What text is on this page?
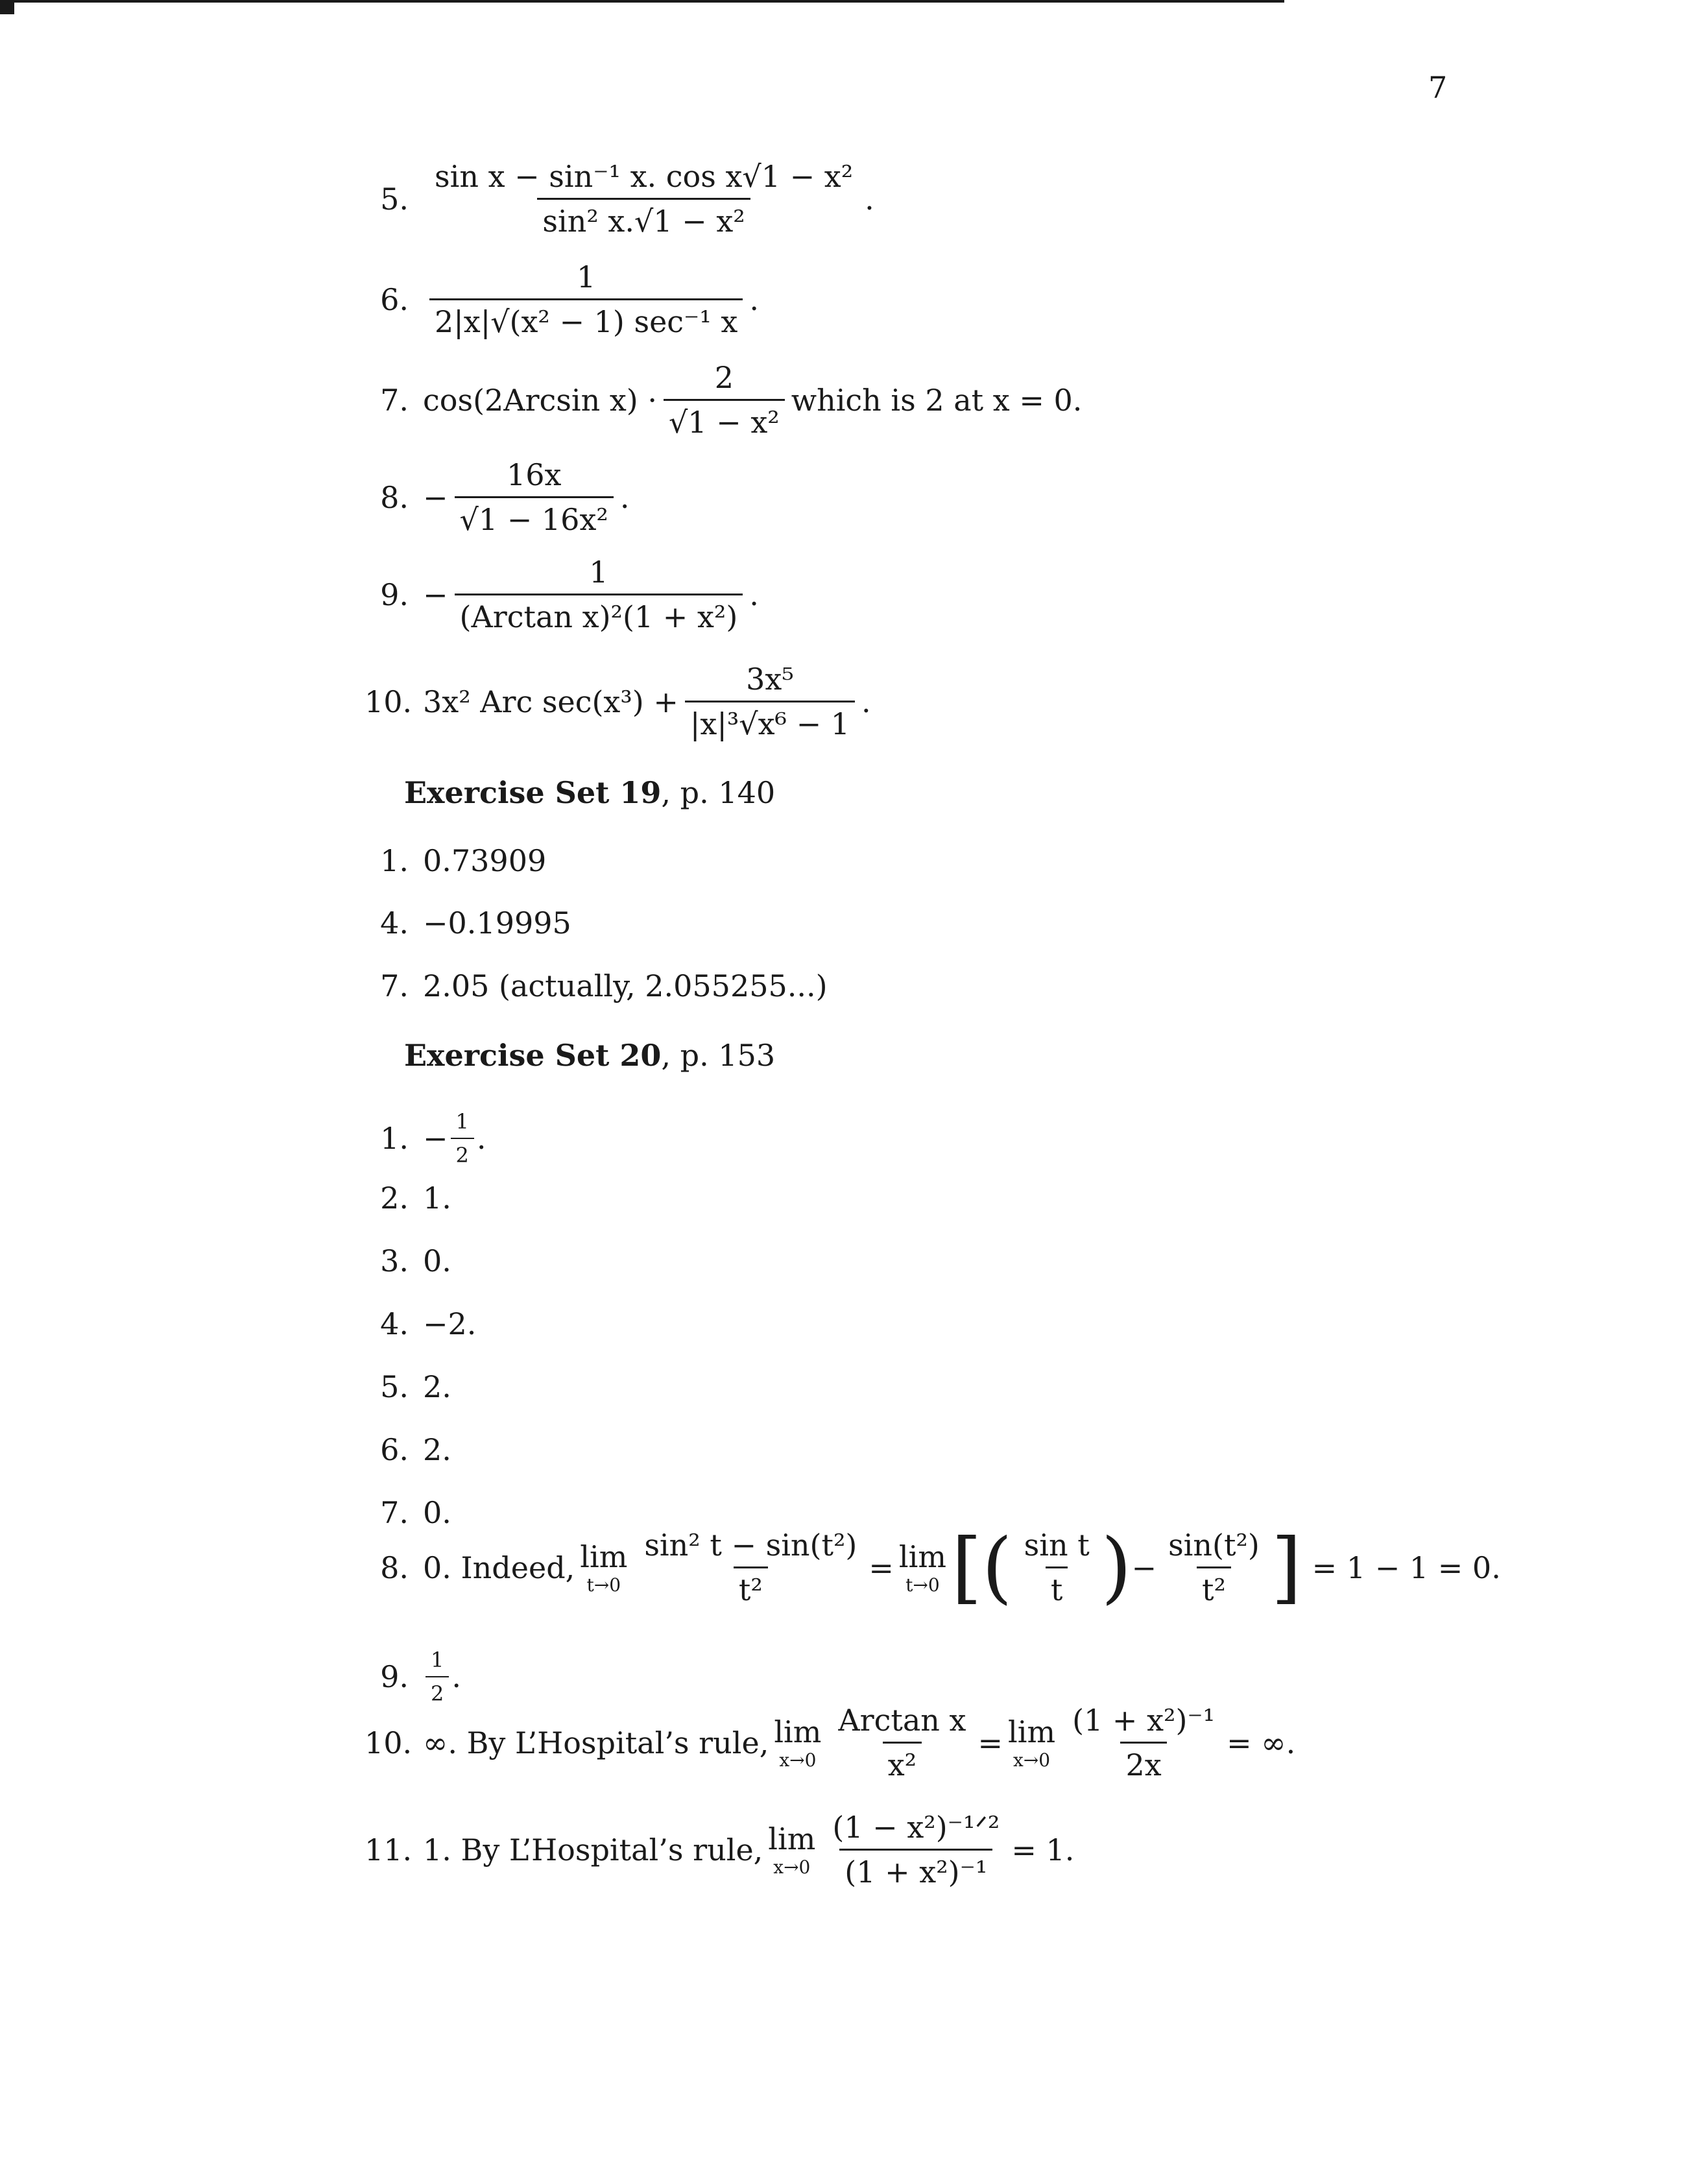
7
5. $\frac{\text{sin x − sin⁻¹ x. cos x√1 − x²}}{\text{sin² x.√1 − x²}}$ .
6. $\frac{1}{\text{2|x|√(x² − 1) sec⁻¹ x}}$ .
7. cos(2Arcsin $x) \cdot \frac{2}{\text{√1 − x²}}$ which is 2 at x = 0.
8. − $\frac{16x}{\text{√1 − 16x²}}$ .
9. − $\frac{1}{\text{(Arctan x)²(1 + x²)}}$ .
10. 3x² Arc $\sec(x^3) + \frac{\text{3x⁵}}{\text{|x|³√x⁶ − 1}}$ .
Exercise Set 19, p. 140
1. 0.73909
4. −0.19995
7. 2.05 (actually, 2.055255...)
Exercise Set 20, p. 153
1. − $\frac{1}{2}$ .
2. 1.
3. 0.
4. −2.
5. 2.
6. 2.
7. 0.
8. 0. Indeed, lim
$t\to 0 \frac{\text{sin² t − sin(t²)}}{\text{t²}} = \lim$
t→0 [ ( $\frac{\text{sin t}}{t}$ ) − $\frac{\text{sin(t²)}}{\text{t²}}$ ] = 1 − 1 = 0.
9. $\frac{1}{2}$ .
10. ∞. By L’Hospital’s rule, lim
$x\to 0 \frac{\text{Arctan x}}{\text{x²}} = \lim$
$x\to 0 \frac{\text{(1 + x²)⁻¹}}{2x}$ = ∞.
11. 1. By L’Hospital’s rule, lim
$x\to 0 \frac{\text{(1 − x²)⁻¹ᐟ²}}{\text{(1 + x²)⁻¹}} = 1$.
